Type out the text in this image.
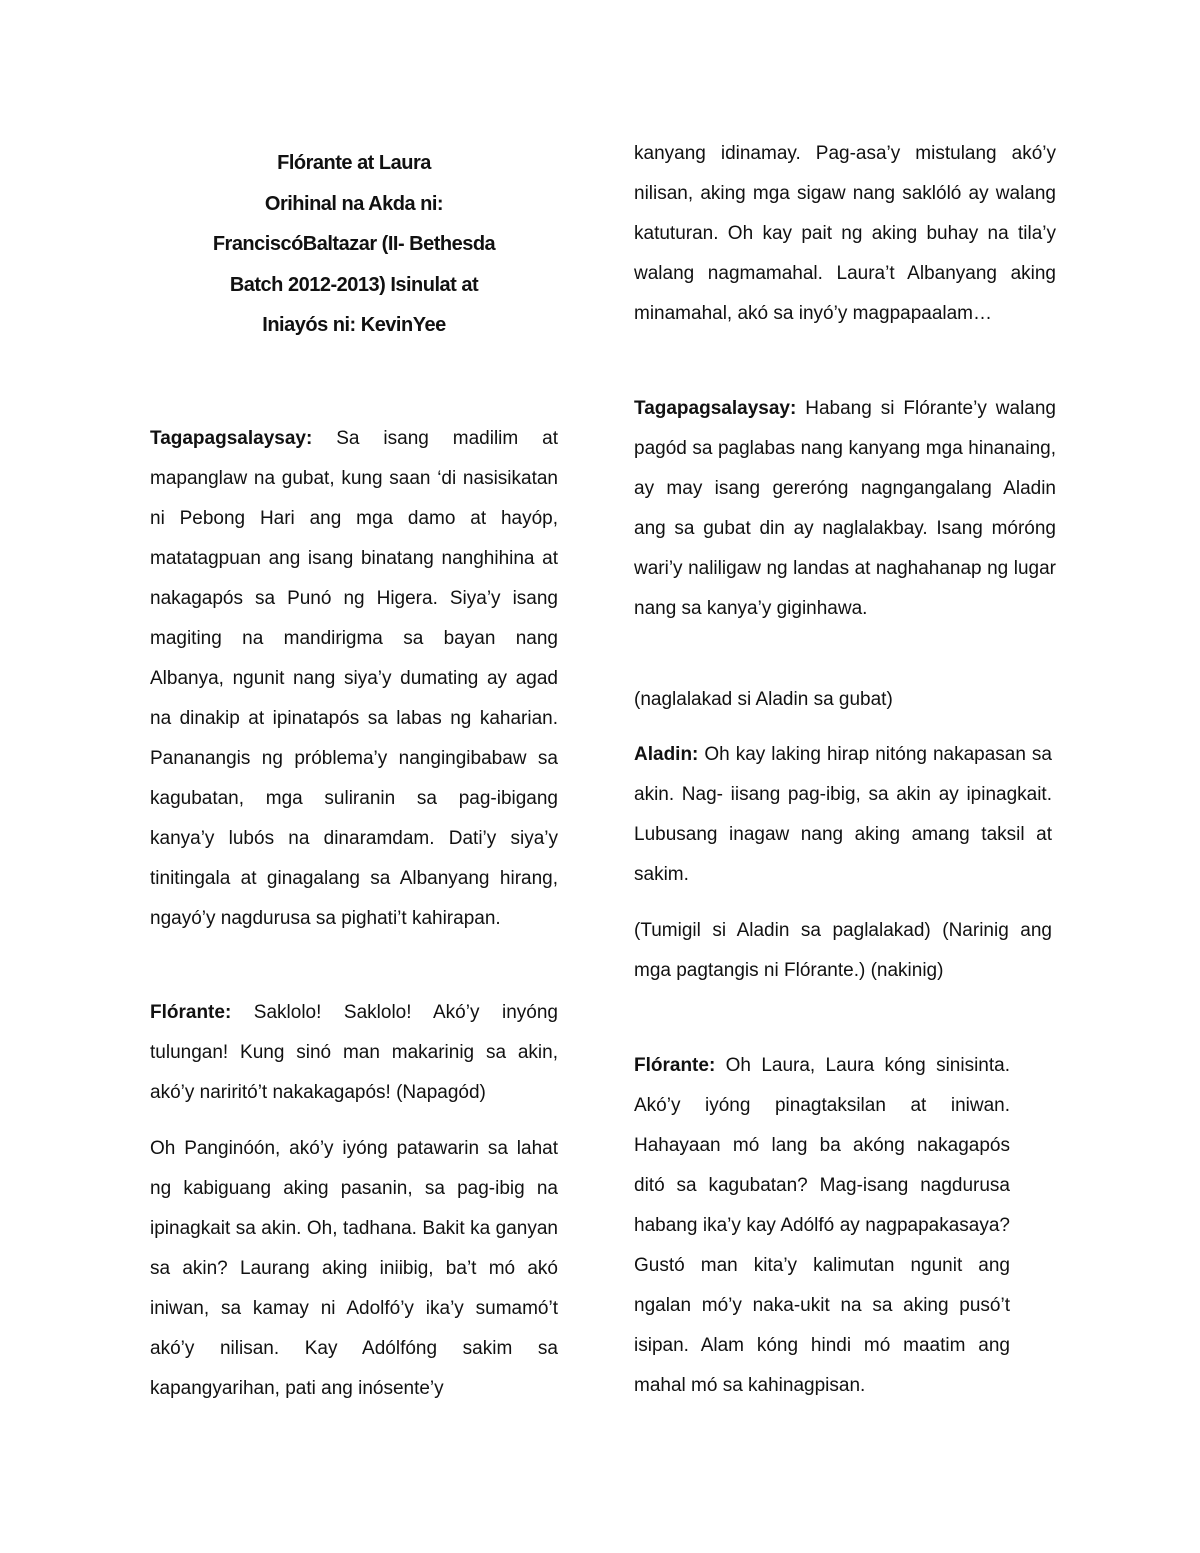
Flórante at Laura
Orihinal na Akda ni:
FranciscóBaltazar (II- Bethesda
Batch 2012-2013) Isinulat at
Iniayós ni: KevinYee

Tagapagsalaysay: Sa isang madilim at mapanglaw na gubat, kung saan ‘di nasisikatan ni Pebong Hari ang mga damo at hayóp, matatagpuan ang isang binatang nanghihina at nakagapós sa Punó ng Higera. Siya’y isang magiting na mandirigma sa bayan nang Albanya, ngunit nang siya’y dumating ay agad na dinakip at ipinatapós sa labas ng kaharian. Pananangis ng próblema’y nangingibabaw sa kagubatan, mga suliranin sa pag-ibigang kanya’y lubós na dinaramdam. Dati’y siya’y tinitingala at ginagalang sa Albanyang hirang, ngayó’y nagdurusa sa pighati’t kahirapan.

Flórante: Saklolo! Saklolo! Akó’y inyóng tulungan! Kung sinó man makarinig sa akin, akó’y nariritó’t nakakagapós! (Napagód)

Oh Panginóón, akó’y iyóng patawarin sa lahat ng kabiguang aking pasanin, sa pag-ibig na ipinagkait sa akin. Oh, tadhana. Bakit ka ganyan sa akin? Laurang aking iniibig, ba’t mó akó iniwan, sa kamay ni Adolfó’y ika’y sumamó’t akó’y nilisan. Kay Adólfóng sakim sa kapangyarihan, pati ang inósente’y

kanyang idinamay. Pag-asa’y mistulang akó’y nilisan, aking mga sigaw nang saklóló ay walang katuturan. Oh kay pait ng aking buhay na tila’y walang nagmamahal. Laura’t Albanyang aking minamahal, akó sa inyó’y magpapaalam…

Tagapagsalaysay: Habang si Flórante’y walang pagód sa paglabas nang kanyang mga hinanaing, ay may isang gereróng nagngangalang Aladin ang sa gubat din ay naglalakbay. Isang móróng wari’y naliligaw ng landas at naghahanap ng lugar nang sa kanya’y giginhawa.

(naglalakad si Aladin sa gubat)

Aladin: Oh kay laking hirap nitóng nakapasan sa akin. Nag- iisang pag-ibig, sa akin ay ipinagkait. Lubusang inagaw nang aking amang taksil at sakim.

(Tumigil si Aladin sa paglalakad) (Narinig ang mga pagtangis ni Flórante.) (nakinig)

Flórante: Oh Laura, Laura kóng sinisinta. Akó’y iyóng pinagtaksilan at iniwan. Hahayaan mó lang ba akóng nakagapós ditó sa kagubatan? Mag-isang nagdurusa habang ika’y kay Adólfó ay nagpapakasaya? Gustó man kita’y kalimutan ngunit ang ngalan mó’y naka-ukit na sa aking pusó’t isipan. Alam kóng hindi mó maatim ang mahal mó sa kahinagpisan.
